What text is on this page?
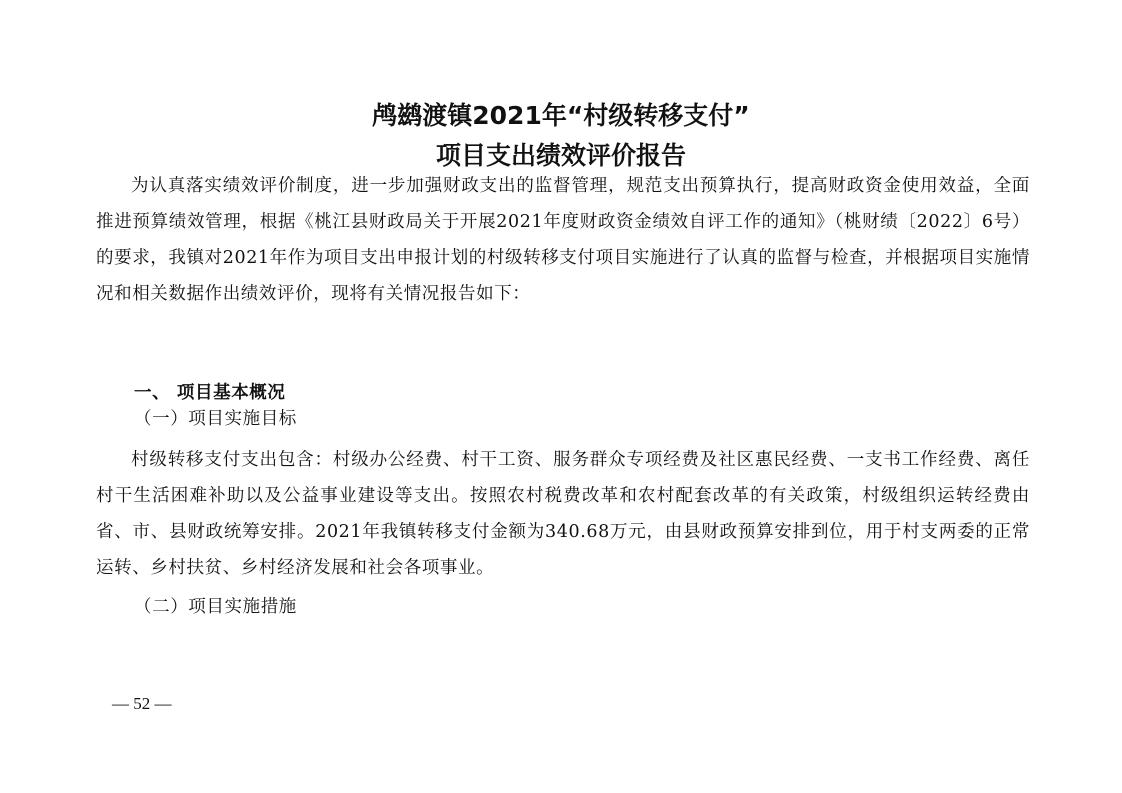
鸬鹚渡镇2021年“村级转移支付”
项目支出绩效评价报告

为认真落实绩效评价制度，进一步加强财政支出的监督管理，规范支出预算执行，提高财政资金使用效益，全面推进预算绩效管理，根据《桃江县财政局关于开展2021年度财政资金绩效自评工作的通知》（桃财绩〔2022〕6号）的要求，我镇对2021年作为项目支出申报计划的村级转移支付项目实施进行了认真的监督与检查，并根据项目实施情况和相关数据作出绩效评价，现将有关情况报告如下：

一、 项目基本概况
（一）项目实施目标

村级转移支付支出包含：村级办公经费、村干工资、服务群众专项经费及社区惠民经费、一支书工作经费、离任村干生活困难补助以及公益事业建设等支出。按照农村税费改革和农村配套改革的有关政策，村级组织运转经费由省、市、县财政统筹安排。2021年我镇转移支付金额为340.68万元，由县财政预算安排到位，用于村支两委的正常运转、乡村扶贫、乡村经济发展和社会各项事业。

（二）项目实施措施
— 52 —
